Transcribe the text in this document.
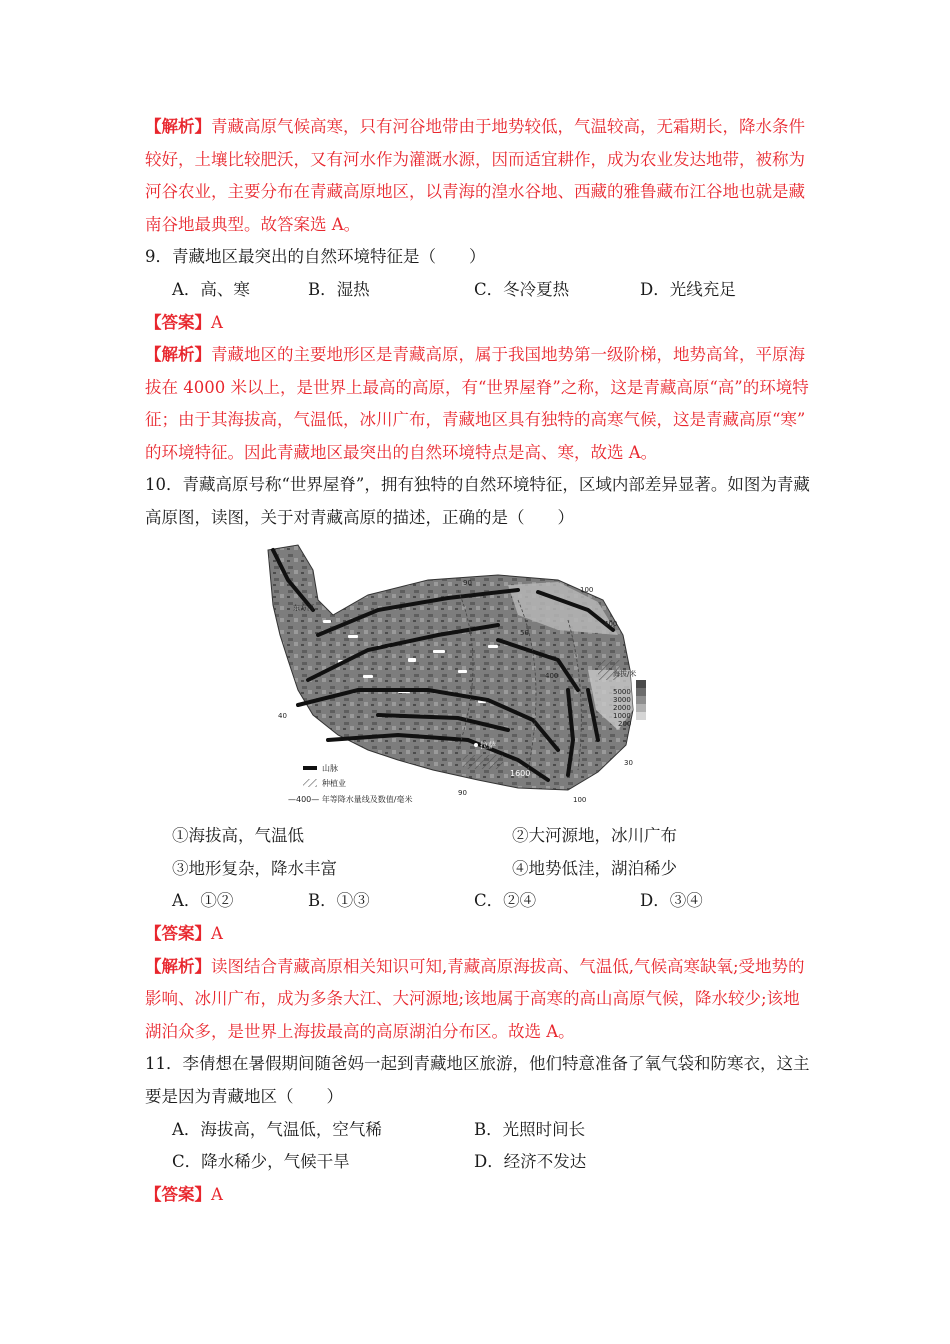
【解析】青藏高原气候高寒，只有河谷地带由于地势较低，气温较高，无霜期长，降水条件
较好，土壤比较肥沃，又有河水作为灌溉水源，因而适宜耕作，成为农业发达地带，被称为
河谷农业，主要分布在青藏高原地区，以青海的湟水谷地、西藏的雅鲁藏布江谷地也就是藏
南谷地最典型。故答案选 A。
9．青藏地区最突出的自然环境特征是（　　）
A．高、寒	B．湿热	C．冬冷夏热	D．光线充足
【答案】A
【解析】青藏地区的主要地形区是青藏高原，属于我国地势第一级阶梯，地势高耸，平原海
拔在 4000 米以上，是世界上最高的高原，有“世界屋脊”之称，这是青藏高原“高”的环境特
征；由于其海拔高，气温低，冰川广布，青藏地区具有独特的高寒气候，这是青藏高原“寒”
的环境特征。因此青藏地区最突出的自然环境特点是高、寒，故选 A。
10．青藏高原号称“世界屋脊”，拥有独特的自然环境特征，区域内部差异显著。如图为青藏
高原图，读图，关于对青藏高原的描述，正确的是（　　）
东方河
90
100
100
90
40
30
50
400
400
1600
拉萨
海拔/米
5000
3000
2000
1000
200
山脉
种植业
—400— 年等降水量线及数值/毫米
①海拔高，气温低	②大河源地，冰川广布
③地形复杂，降水丰富	④地势低洼，湖泊稀少
A．①②	B．①③	C．②④	D．③④
【答案】A
【解析】读图结合青藏高原相关知识可知,青藏高原海拔高、气温低,气候高寒缺氧;受地势的
影响、冰川广布，成为多条大江、大河源地;该地属于高寒的高山高原气候，降水较少;该地
湖泊众多，是世界上海拔最高的高原湖泊分布区。故选 A。
11．李倩想在暑假期间随爸妈一起到青藏地区旅游，他们特意准备了氧气袋和防寒衣，这主
要是因为青藏地区（　　）
A．海拔高，气温低，空气稀	B．光照时间长
C．降水稀少，气候干旱	D．经济不发达
【答案】A
